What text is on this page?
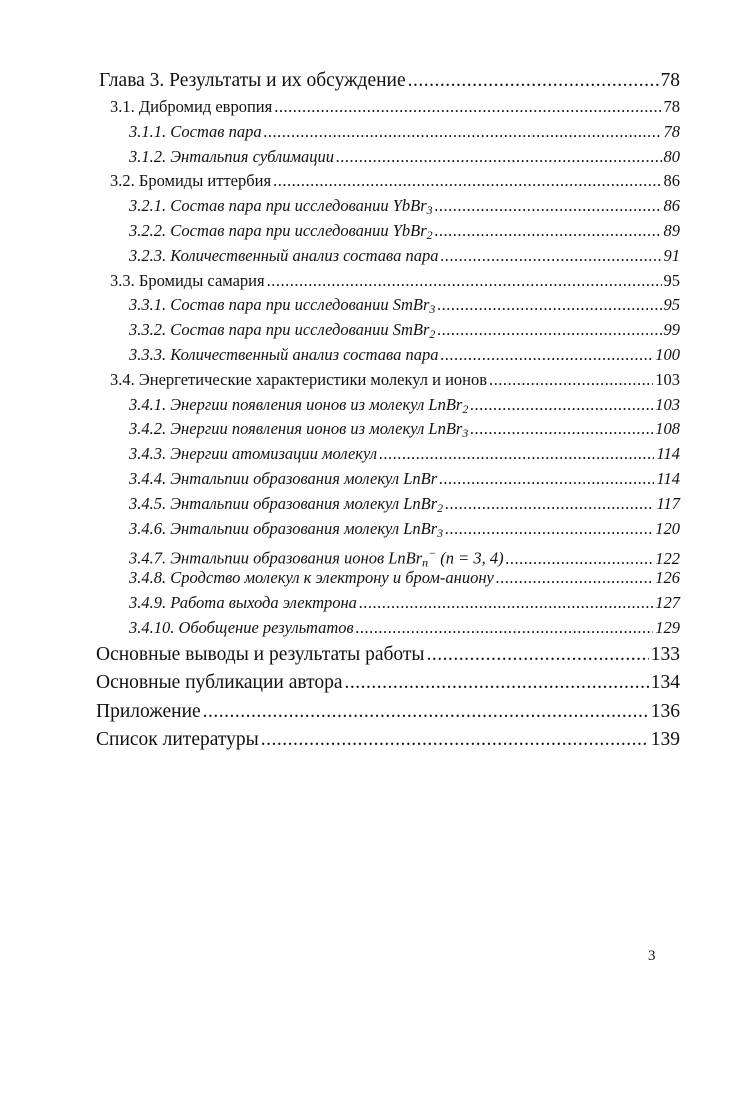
Глава 3. Результаты и их обсуждение .....	78
3.1. Дибромид европия .....	78
3.1.1. Состав пара .....	78
3.1.2. Энтальпия сублимации .....	80
3.2. Бромиды иттербия .....	86
3.2.1. Состав пара при исследовании YbBr$_3$ .....	86
3.2.2. Состав пара при исследовании YbBr$_2$ .....	89
3.2.3. Количественный анализ состава пара .....	91
3.3. Бромиды самария .....	95
3.3.1. Состав пара при исследовании SmBr$_3$ .....	95
3.3.2. Состав пара при исследовании SmBr$_2$ .....	99
3.3.3. Количественный анализ состава пара .....	100
3.4. Энергетические характеристики молекул и ионов .....	103
3.4.1. Энергии появления ионов из молекул LnBr$_2$ .....	103
3.4.2. Энергии появления ионов из молекул LnBr$_3$ .....	108
3.4.3. Энергии атомизации молекул .....	114
3.4.4. Энтальпии образования молекул LnBr .....	114
3.4.5. Энтальпии образования молекул LnBr$_2$ .....	117
3.4.6. Энтальпии образования молекул LnBr$_3$ .....	120
3.4.7. Энтальпии образования ионов LnBr$_n$− (n = 3, 4) .....	122
3.4.8. Сродство молекул к электрону и бром-аниону .....	126
3.4.9. Работа выхода электрона .....	127
3.4.10. Обобщение результатов .....	129
Основные выводы и результаты работы .....	133
Основные публикации автора .....	134
Приложение .....	136
Список литературы .....	139
3
